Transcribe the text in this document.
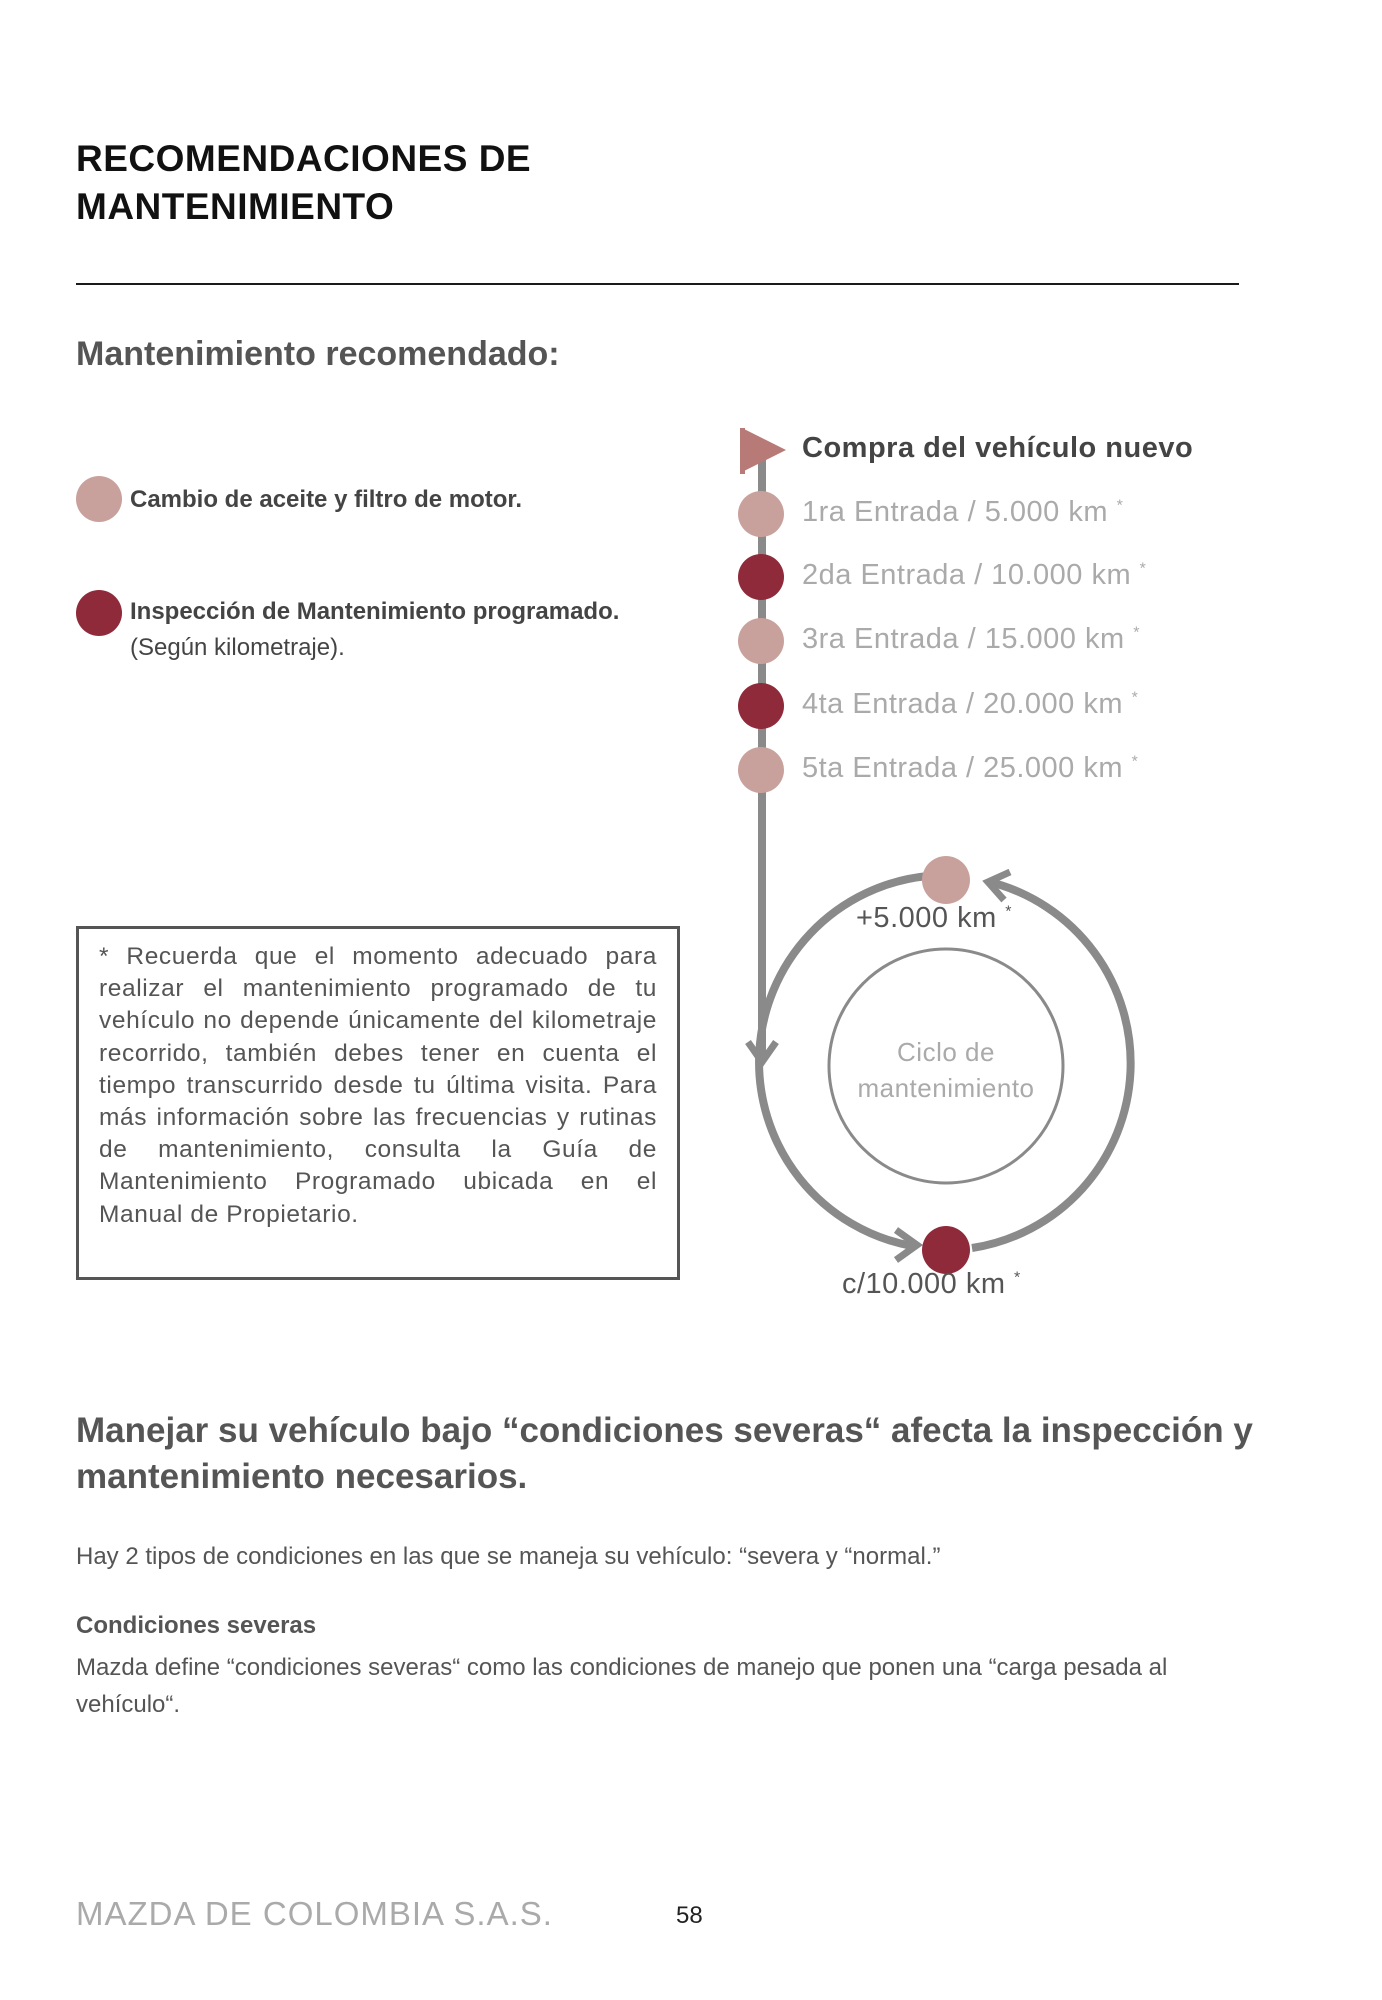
RECOMENDACIONES DE
MANTENIMIENTO
Mantenimiento recomendado:
Cambio de aceite y filtro de motor.
Inspección de Mantenimiento programado.
(Según kilometraje).
Compra del vehículo nuevo
1ra Entrada / 5.000 km *
2da Entrada / 10.000 km *
3ra Entrada / 15.000 km *
4ta Entrada / 20.000 km *
5ta Entrada / 25.000 km *
+5.000 km *
Ciclo de
mantenimiento
c/10.000 km *

* Recuerda que el momento adecuado para realizar el mantenimiento programado de tu vehículo no depende únicamente del kilometraje recorrido, también debes tener en cuenta el tiempo transcurrido desde tu última visita. Para más información sobre las frecuencias y rutinas de mantenimiento, consulta la Guía de Mantenimiento Programado ubicada en el Manual de Propietario.

Manejar su vehículo bajo “condiciones severas“ afecta la inspección y mantenimiento necesarios.

Hay 2 tipos de condiciones en las que se maneja su vehículo: “severa y “normal.”

Condiciones severas

Mazda define “condiciones severas“ como las condiciones de manejo que ponen una “carga pesada al vehículo“.

MAZDA DE COLOMBIA S.A.S.	58
